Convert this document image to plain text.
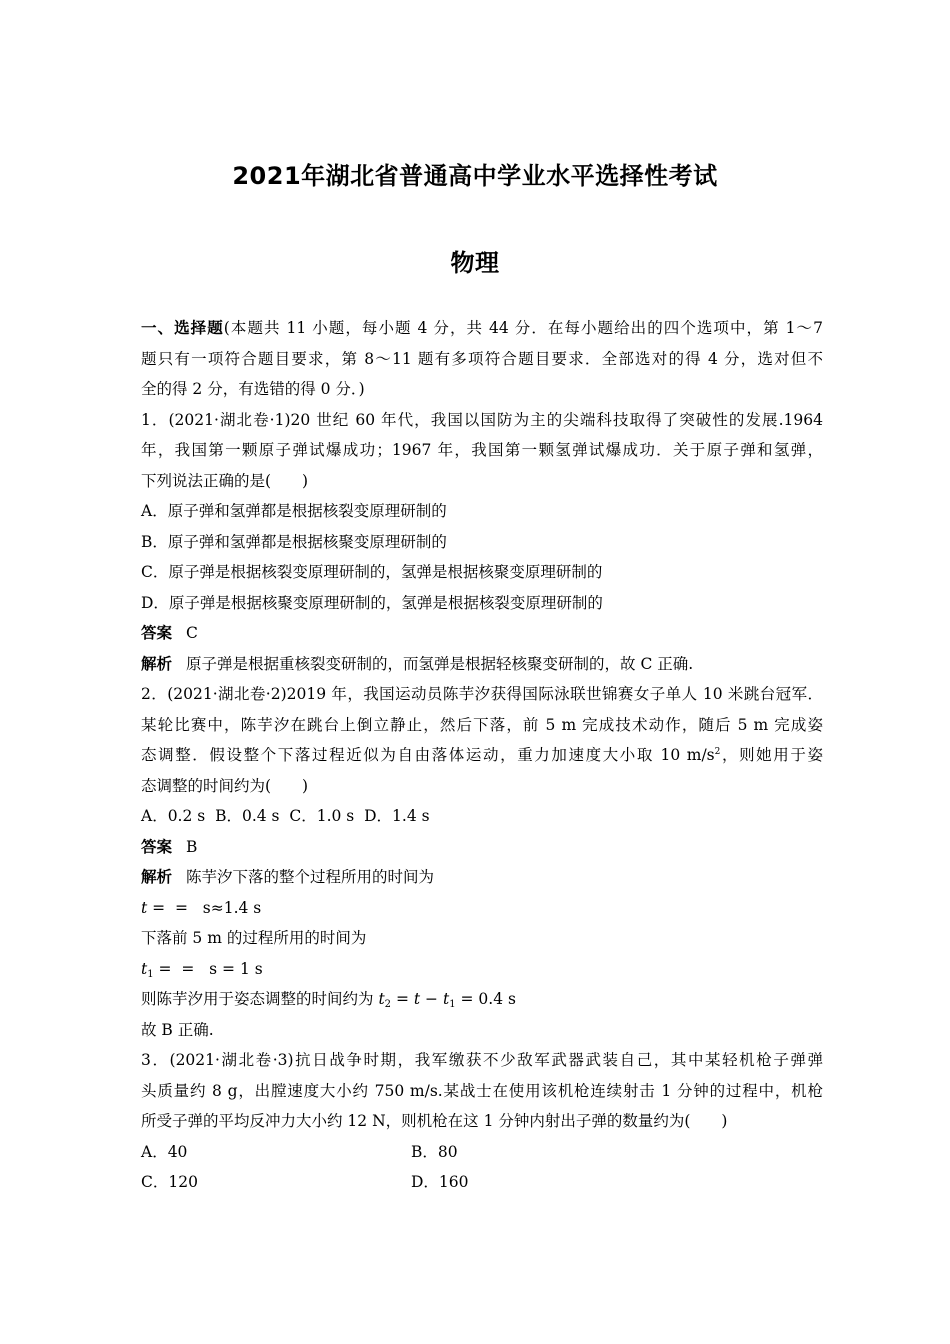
2021年湖北省普通高中学业水平选择性考试
物理
一、选择题(本题共 11 小题，每小题 4 分，共 44 分．在每小题给出的四个选项中，第 1～7
题只有一项符合题目要求，第 8～11 题有多项符合题目要求．全部选对的得 4 分，选对但不
全的得 2 分，有选错的得 0 分．)
1．(2021·湖北卷·1)20 世纪 60 年代，我国以国防为主的尖端科技取得了突破性的发展.1964
年，我国第一颗原子弹试爆成功；1967 年，我国第一颗氢弹试爆成功．关于原子弹和氢弹，
下列说法正确的是(　　)
A．原子弹和氢弹都是根据核裂变原理研制的
B．原子弹和氢弹都是根据核聚变原理研制的
C．原子弹是根据核裂变原理研制的，氢弹是根据核聚变原理研制的
D．原子弹是根据核聚变原理研制的，氢弹是根据核裂变原理研制的
答案 C
解析 原子弹是根据重核裂变研制的，而氢弹是根据轻核聚变研制的，故 C 正确.
2．(2021·湖北卷·2)2019 年，我国运动员陈芋汐获得国际泳联世锦赛女子单人 10 米跳台冠军．
某轮比赛中，陈芋汐在跳台上倒立静止，然后下落，前 5 m 完成技术动作，随后 5 m 完成姿
态调整．假设整个下落过程近似为自由落体运动，重力加速度大小取 10 $m/s^2$，则她用于姿
态调整的时间约为(　　)
A．0.2 s  B．0.4 s  C．1.0 s  D．1.4 s
答案 B
解析 陈芋汐下落的整个过程所用的时间为
t =  =   s≈1.4 s
下落前 5 m 的过程所用的时间为
$t_1$ =  =   s = 1 s
则陈芋汐用于姿态调整的时间约为 $t_2 = t - t_1 = 0.4$ s
故 B 正确.
3．(2021·湖北卷·3)抗日战争时期，我军缴获不少敌军武器武装自己，其中某轻机枪子弹弹
头质量约 8 g，出膛速度大小约 750 m/s.某战士在使用该机枪连续射击 1 分钟的过程中，机枪
所受子弹的平均反冲力大小约 12 N，则机枪在这 1 分钟内射出子弹的数量约为(　　)
A．40	B．80
C．120	D．160
